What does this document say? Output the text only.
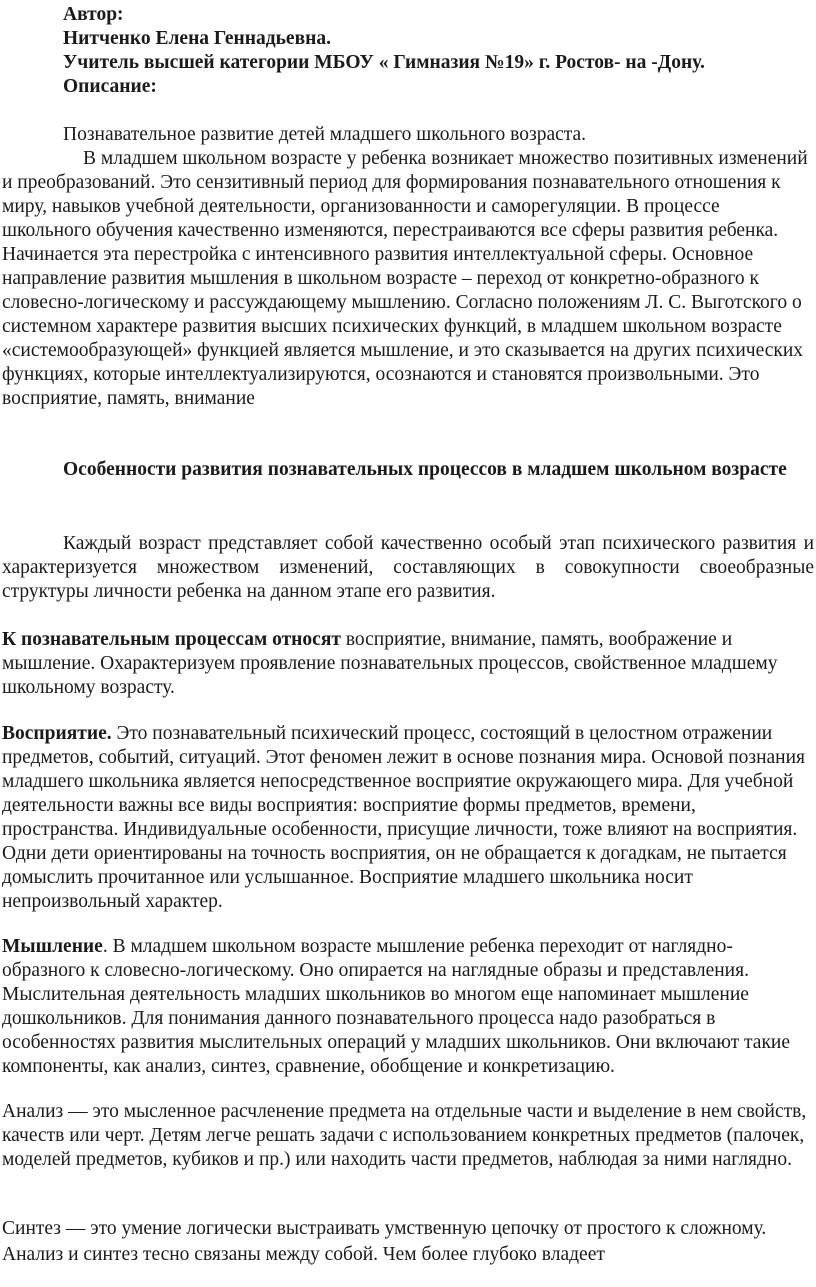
Автор:
Нитченко Елена Геннадьевна.
Учитель высшей категории МБОУ « Гимназия №19» г. Ростов- на -Дону.
Описание:
Познавательное развитие детей младшего школьного возраста.

В младшем школьном возрасте у ребенка возникает множество позитивных изменений и преобразований. Это сензитивный период для формирования познавательного отношения к миру, навыков учебной деятельности, организованности и саморегуляции. В процессе школьного обучения качественно изменяются, перестраиваются все сферы развития ребенка. Начинается эта перестройка с интенсивного развития интеллектуальной сферы. Основное направление развития мышления в школьном возрасте – переход от конкретно-образного к словесно-логическому и рассуждающему мышлению. Согласно положениям Л. С. Выготского о системном характере развития высших психических функций, в младшем школьном возрасте «системообразующей» функцией является мышление, и это сказывается на других психических функциях, которые интеллектуализируются, осознаются и становятся произвольными. Это восприятие, память, внимание

Особенности развития познавательных процессов в младшем школьном возрасте

Каждый возраст представляет собой качественно особый этап психического развития и характеризуется множеством изменений, составляющих в совокупности своеобразные структуры личности ребенка на данном этапе его развития.

К познавательным процессам относят восприятие, внимание, память, воображение и мышление. Охарактеризуем проявление познавательных процессов, свойственное младшему школьному возрасту.

Восприятие. Это познавательный психический процесс, состоящий в целостном отражении предметов, событий, ситуаций. Этот феномен лежит в основе познания мира. Основой познания младшего школьника является непосредственное восприятие окружающего мира. Для учебной деятельности важны все виды восприятия: восприятие формы предметов, времени, пространства. Индивидуальные особенности, присущие личности, тоже влияют на восприятия. Одни дети ориентированы на точность восприятия, он не обращается к догадкам, не пытается домыслить прочитанное или услышанное. Восприятие младшего школьника носит непроизвольный характер.

Мышление. В младшем школьном возрасте мышление ребенка переходит от наглядно-образного к словесно-логическому. Оно опирается на наглядные образы и представления. Мыслительная деятельность младших школьников во многом еще напоминает мышление дошкольников. Для понимания данного познавательного процесса надо разобраться в особенностях развития мыслительных операций у младших школьников. Они включают такие компоненты, как анализ, синтез, сравнение, обобщение и конкретизацию.

Анализ — это мысленное расчленение предмета на отдельные части и выделение в нем свойств, качеств или черт. Детям легче решать задачи с использованием конкретных предметов (палочек, моделей предметов, кубиков и пр.) или находить части предметов, наблюдая за ними наглядно.

Синтез — это умение логически выстраивать умственную цепочку от простого к сложному. Анализ и синтез тесно связаны между собой. Чем более глубоко владеет
